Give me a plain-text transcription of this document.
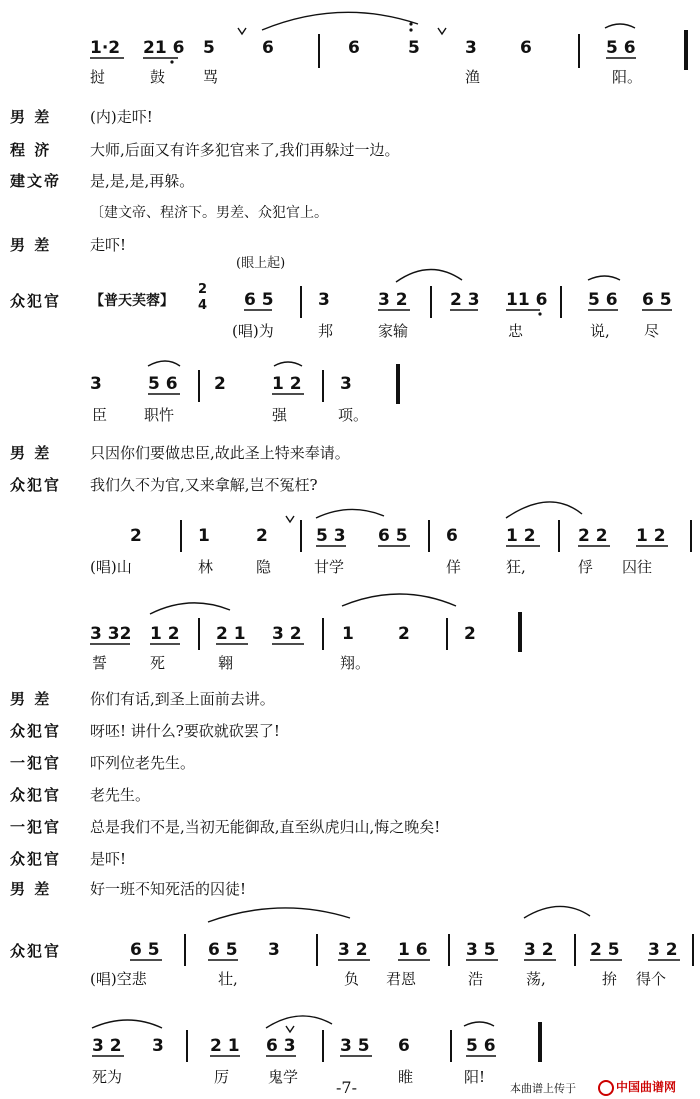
1·2 21 6 5	6	6	5	3	6	5 6
挝	鼓	骂	渔	阳。
男 差	(内)走吓!
程 济	大师,后面又有许多犯官来了,我们再躲过一边。
建文帝 是,是,是,再躲。
〔建文帝、程济下。男差、众犯官上。
男 差	走吓!
众犯官 【普天芙蓉】
2
4
(眼上起)
6 5	3	3 2 2 3 11 6 5 6 6 5
(唱)为	邦	家输	忠	说, 尽
3	5 6 2	1 2 3
臣 职忤	强	项。
男 差	只因你们要做忠臣,故此圣上特来奉请。
众犯官 我们久不为官,又来拿解,岂不冤枉?
2	1	2	5 3 6 5 6	1 2 2 2 1 2
(唱)山	林	隐	甘学	佯	狂,	俘 囚往
3 32 1 2 2 1 3 2 1	2	2
誓	死	翱	翔。
男 差	你们有话,到圣上面前去讲。
众犯官 呀呸! 讲什么?要砍就砍罢了!
一犯官 吓列位老先生。
众犯官 老先生。
一犯官 总是我们不是,当初无能御敌,直至纵虎归山,悔之晚矣!
众犯官 是吓!
男 差	好一班不知死活的囚徒!
众犯官	6 5	6 5 3	3 2 1 6 3 5 3 2 2 5 3 2
(唱)空悲	壮,	负 君恩	浩	荡,	拚 得个
3 2 3	2 1 6 3	3 5 6	5 6
死为	厉	鬼学	睢	阳!
-7-	本曲谱上传于	中国曲谱网
